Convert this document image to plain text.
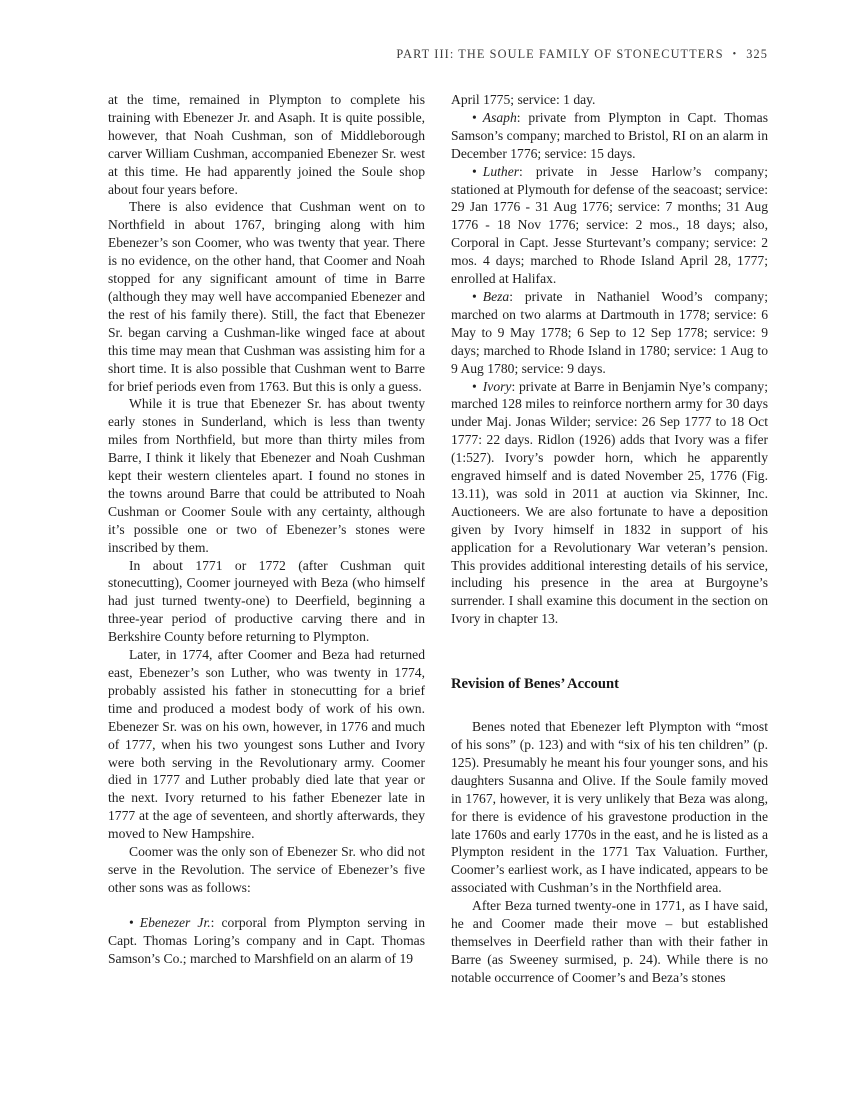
PART III: THE SOULE FAMILY OF STONECUTTERS • 325

at the time, remained in Plympton to complete his training with Ebenezer Jr. and Asaph. It is quite possible, however, that Noah Cushman, son of Middleborough carver William Cushman, accompanied Ebenezer Sr. west at this time. He had apparently joined the Soule shop about four years before.

There is also evidence that Cushman went on to Northfield in about 1767, bringing along with him Ebenezer’s son Coomer, who was twenty that year. There is no evidence, on the other hand, that Coomer and Noah stopped for any significant amount of time in Barre (although they may well have accompanied Ebenezer and the rest of his family there). Still, the fact that Ebenezer Sr. began carving a Cushman-like winged face at about this time may mean that Cushman was assisting him for a short time. It is also possible that Cushman went to Barre for brief periods even from 1763. But this is only a guess.

While it is true that Ebenezer Sr. has about twenty early stones in Sunderland, which is less than twenty miles from Northfield, but more than thirty miles from Barre, I think it likely that Ebenezer and Noah Cushman kept their western clienteles apart. I found no stones in the towns around Barre that could be attributed to Noah Cushman or Coomer Soule with any certainty, although it’s possible one or two of Ebenezer’s stones were inscribed by them.

In about 1771 or 1772 (after Cushman quit stonecutting), Coomer journeyed with Beza (who himself had just turned twenty-one) to Deerfield, beginning a three-year period of productive carving there and in Berkshire County before returning to Plympton.

Later, in 1774, after Coomer and Beza had returned east, Ebenezer’s son Luther, who was twenty in 1774, probably assisted his father in stonecutting for a brief time and produced a modest body of work of his own. Ebenezer Sr. was on his own, however, in 1776 and much of 1777, when his two youngest sons Luther and Ivory were both serving in the Revolutionary army. Coomer died in 1777 and Luther probably died late that year or the next. Ivory returned to his father Ebenezer late in 1777 at the age of seventeen, and shortly afterwards, they moved to New Hampshire.

Coomer was the only son of Ebenezer Sr. who did not serve in the Revolution. The service of Ebenezer’s five other sons was as follows:

• Ebenezer Jr.: corporal from Plympton serving in Capt. Thomas Loring’s company and in Capt. Thomas Samson’s Co.; marched to Marshfield on an alarm of 19

April 1775; service: 1 day.

• Asaph: private from Plympton in Capt. Thomas Samson’s company; marched to Bristol, RI on an alarm in December 1776; service: 15 days.

• Luther: private in Jesse Harlow’s company; stationed at Plymouth for defense of the seacoast; service: 29 Jan 1776 - 31 Aug 1776; service: 7 months; 31 Aug 1776 - 18 Nov 1776; service: 2 mos., 18 days; also, Corporal in Capt. Jesse Sturtevant’s company; service: 2 mos. 4 days; marched to Rhode Island April 28, 1777; enrolled at Halifax.

• Beza: private in Nathaniel Wood’s company; marched on two alarms at Dartmouth in 1778; service: 6 May to 9 May 1778; 6 Sep to 12 Sep 1778; service: 9 days; marched to Rhode Island in 1780; service: 1 Aug to 9 Aug 1780; service: 9 days.

• Ivory: private at Barre in Benjamin Nye’s company; marched 128 miles to reinforce northern army for 30 days under Maj. Jonas Wilder; service: 26 Sep 1777 to 18 Oct 1777: 22 days. Ridlon (1926) adds that Ivory was a fifer (1:527). Ivory’s powder horn, which he apparently engraved himself and is dated November 25, 1776 (Fig. 13.11), was sold in 2011 at auction via Skinner, Inc. Auctioneers. We are also fortunate to have a deposition given by Ivory himself in 1832 in support of his application for a Revolutionary War veteran’s pension. This provides additional interesting details of his service, including his presence in the area at Burgoyne’s surrender. I shall examine this document in the section on Ivory in chapter 13.

Revision of Benes’ Account

Benes noted that Ebenezer left Plympton with “most of his sons” (p. 123) and with “six of his ten children” (p. 125). Presumably he meant his four younger sons, and his daughters Susanna and Olive. If the Soule family moved in 1767, however, it is very unlikely that Beza was along, for there is evidence of his gravestone production in the late 1760s and early 1770s in the east, and he is listed as a Plympton resident in the 1771 Tax Valuation. Further, Coomer’s earliest work, as I have indicated, appears to be associated with Cushman’s in the Northfield area.

After Beza turned twenty-one in 1771, as I have said, he and Coomer made their move – but established themselves in Deerfield rather than with their father in Barre (as Sweeney surmised, p. 24). While there is no notable occurrence of Coomer’s and Beza’s stones
